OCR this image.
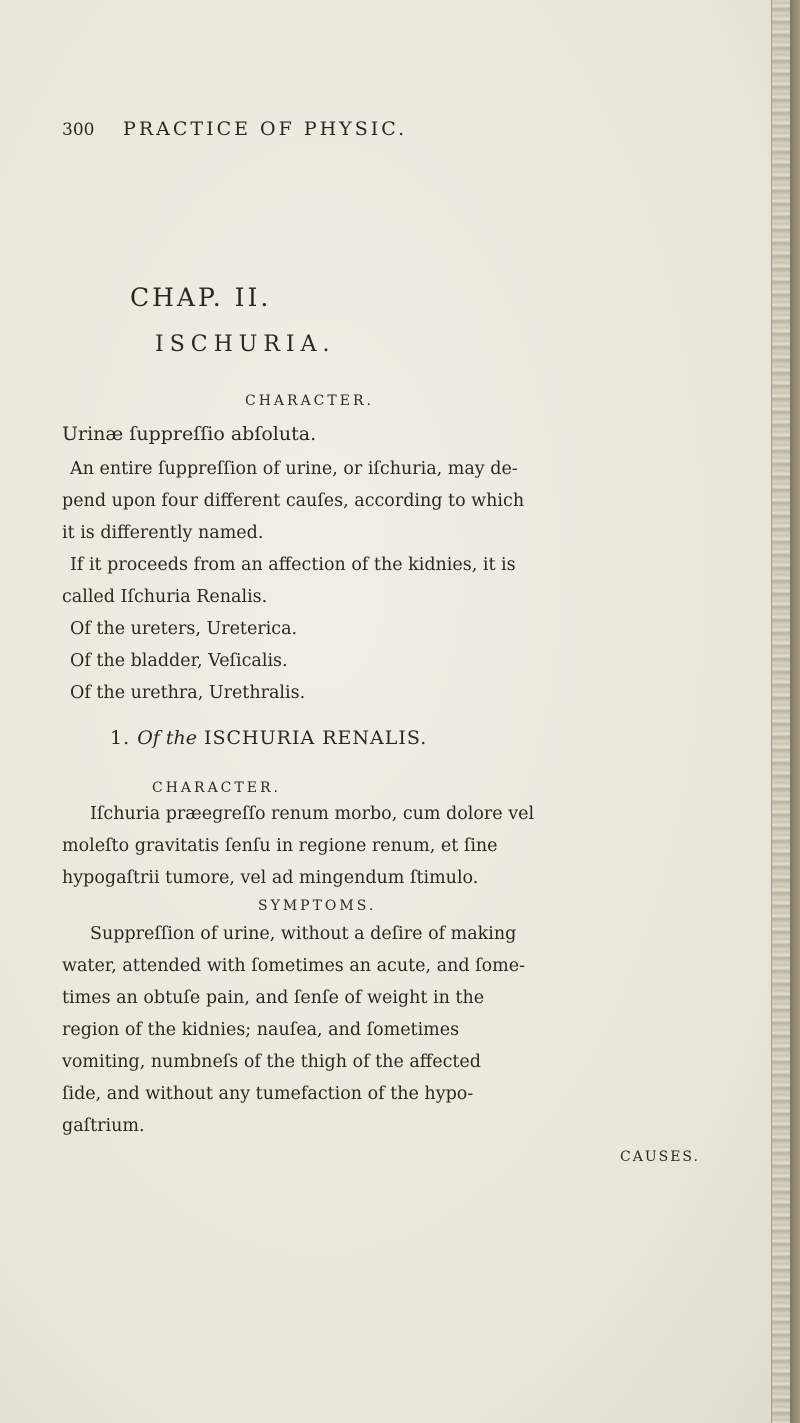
300 PRACTICE OF PHYSIC.
CHAP. II.
ISCHURIA.
CHARACTER.
Urinæ ſuppreſſio abſoluta.
An entire ſuppreſſion of urine, or iſchuria, may de-
pend upon four different cauſes, according to which
it is differently named.
If it proceeds from an affection of the kidnies, it is
called Iſchuria Renalis.
Of the ureters, Ureterica.
Of the bladder, Veſicalis.
Of the urethra, Urethralis.
1. Of the ISCHURIA RENALIS.
CHARACTER.
Iſchuria præegreſſo renum morbo, cum dolore vel
moleſto gravitatis ſenſu in regione renum, et ſine
hypogaſtrii tumore, vel ad mingendum ſtimulo.
SYMPTOMS.
Suppreſſion of urine, without a deſire of making
water, attended with ſometimes an acute, and ſome-
times an obtuſe pain, and ſenſe of weight in the
region of the kidnies; nauſea, and ſometimes
vomiting, numbneſs of the thigh of the affected
ſide, and without any tumefaction of the hypo-
gaſtrium.
CAUSES.
